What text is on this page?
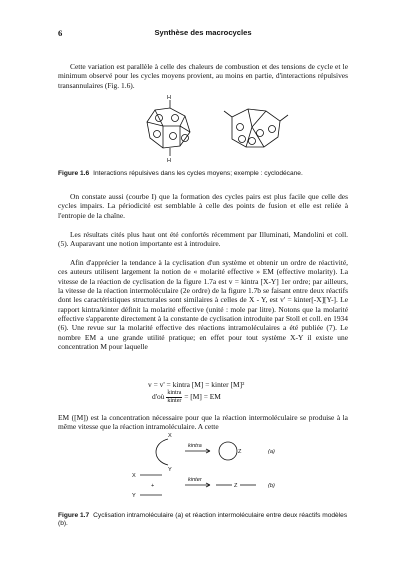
6	Synthèse des macrocycles

Cette variation est parallèle à celle des chaleurs de combustion et des tensions de cycle et le minimum observé pour les cycles moyens provient, au moins en partie, d'interactions répulsives transannulaires (Fig. 1.6).

H
H
Figure 1.6 Interactions répulsives dans les cycles moyens; exemple : cyclodécane.

On constate aussi (courbe I) que la formation des cycles pairs est plus facile que celle des cycles impairs. La périodicité est semblable à celle des points de fusion et elle est reliée à l'entropie de la chaîne.

Les résultats cités plus haut ont été confortés récemment par Illuminati, Mandolini et coll. (5). Auparavant une notion importante est à introduire.

Afin d'apprécier la tendance à la cyclisation d'un système et obtenir un ordre de réactivité, ces auteurs utilisent largement la notion de « molarité effective » EM (effective molarity). La vitesse de la réaction de cyclisation de la figure 1.7a est v = kintra [X-Y] 1er ordre; par ailleurs, la vitesse de la réaction intermoléculaire (2e ordre) de la figure 1.7b se faisant entre deux réactifs dont les caractéristiques structurales sont similaires à celles de X - Y, est v' = kinter[-X][Y-]. Le rapport kintra/kinter définit la molarité effective (unité : mole par litre). Notons que la molarité effective s'apparente directement à la constante de cyclisation introduite par Stoll et coll. en 1934 (6). Une revue sur la molarité effective des réactions intramoléculaires a été publiée (7). Le nombre EM a une grande utilité pratique; en effet pour tout système X-Y il existe une concentration M pour laquelle

v = v' = kintra [M] = kinter [M]²
d'où $\frac{\text{kintra}}{\text{kinter}} = [M]$ = EM

EM ([M]) est la concentration nécessaire pour que la réaction intermoléculaire se produise à la même vitesse que la réaction intramoléculaire. A cette

X
Y
Z
kintra
(a)
X
Y
+
kinter
Z	(b)
Figure 1.7 Cyclisation intramoléculaire (a) et réaction intermoléculaire entre deux réactifs modèles (b).
